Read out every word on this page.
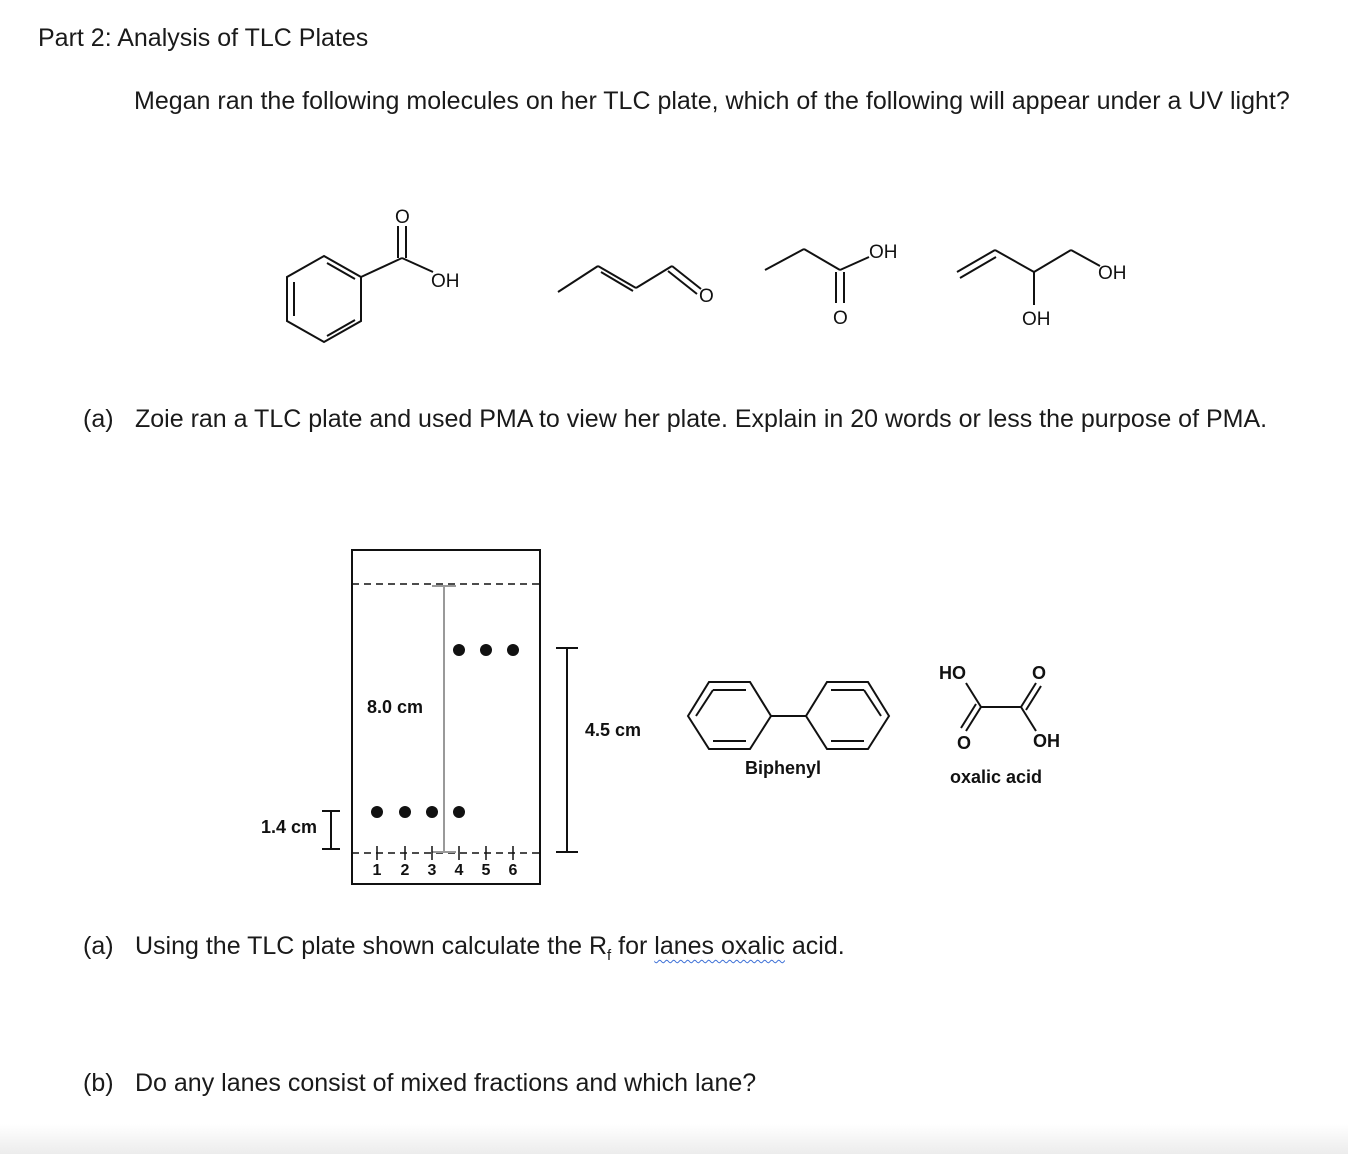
Part 2: Analysis of TLC Plates

Megan ran the following molecules on her TLC plate, which of the following will appear under a UV light?

O
OH
O
OH
O
OH
OH
1 2 3 4 5 6
8.0 cm
4.5 cm
1.4 cm
Biphenyl
HO	O
O	OH
oxalic acid
(a) Zoie ran a TLC plate and used PMA to view her plate. Explain in 20 words or less the purpose of PMA.
(a) Using the TLC plate shown calculate the $R_f$ for lanes oxalic acid.
(b) Do any lanes consist of mixed fractions and which lane?
